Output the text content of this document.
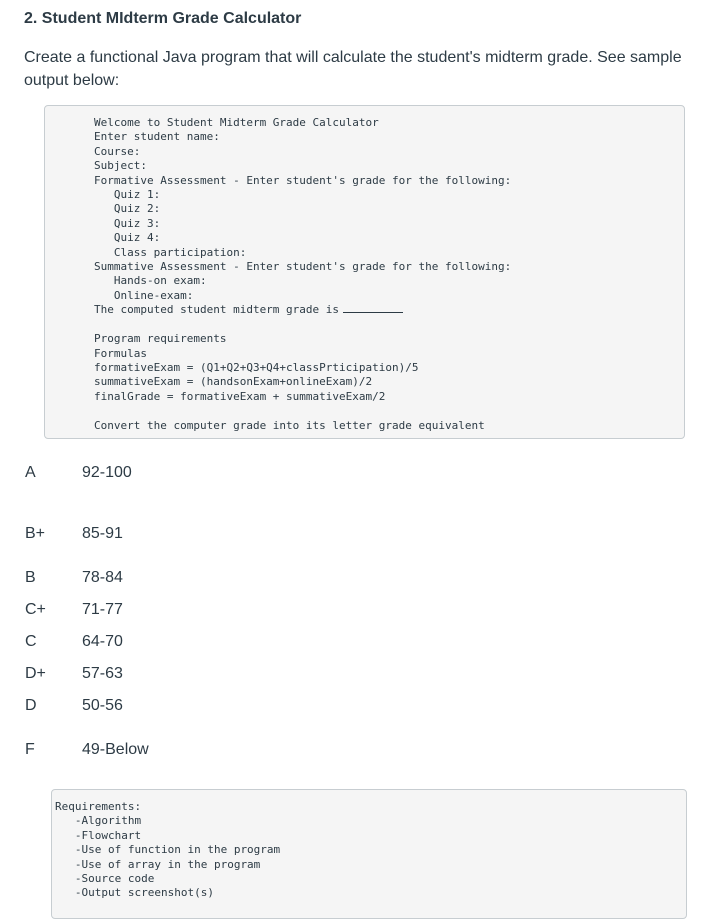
2. Student MIdterm Grade Calculator

Create a functional Java program that will calculate the student's midterm grade. See sample output below:

Welcome to Student Midterm Grade Calculator
Enter student name:
Course:
Subject:
Formative Assessment - Enter student's grade for the following:
Quiz 1:
Quiz 2:
Quiz 3:
Quiz 4:
Class participation:
Summative Assessment - Enter student's grade for the following:
Hands-on exam:
Online-exam:
The computed student midterm grade is

Program requirements
Formulas
formativeExam = (Q1+Q2+Q3+Q4+classPrticipation)/5
summativeExam = (handsonExam+onlineExam)/2
finalGrade = formativeExam + summativeExam/2

Convert the computer grade into its letter grade equivalent
A	92-100
B+ 85-91
B	78-84
C+ 71-77
C	64-70
D+ 57-63
D	50-56
F	49-Below
Requirements:
-Algorithm
-Flowchart
-Use of function in the program
-Use of array in the program
-Source code
-Output screenshot(s)
